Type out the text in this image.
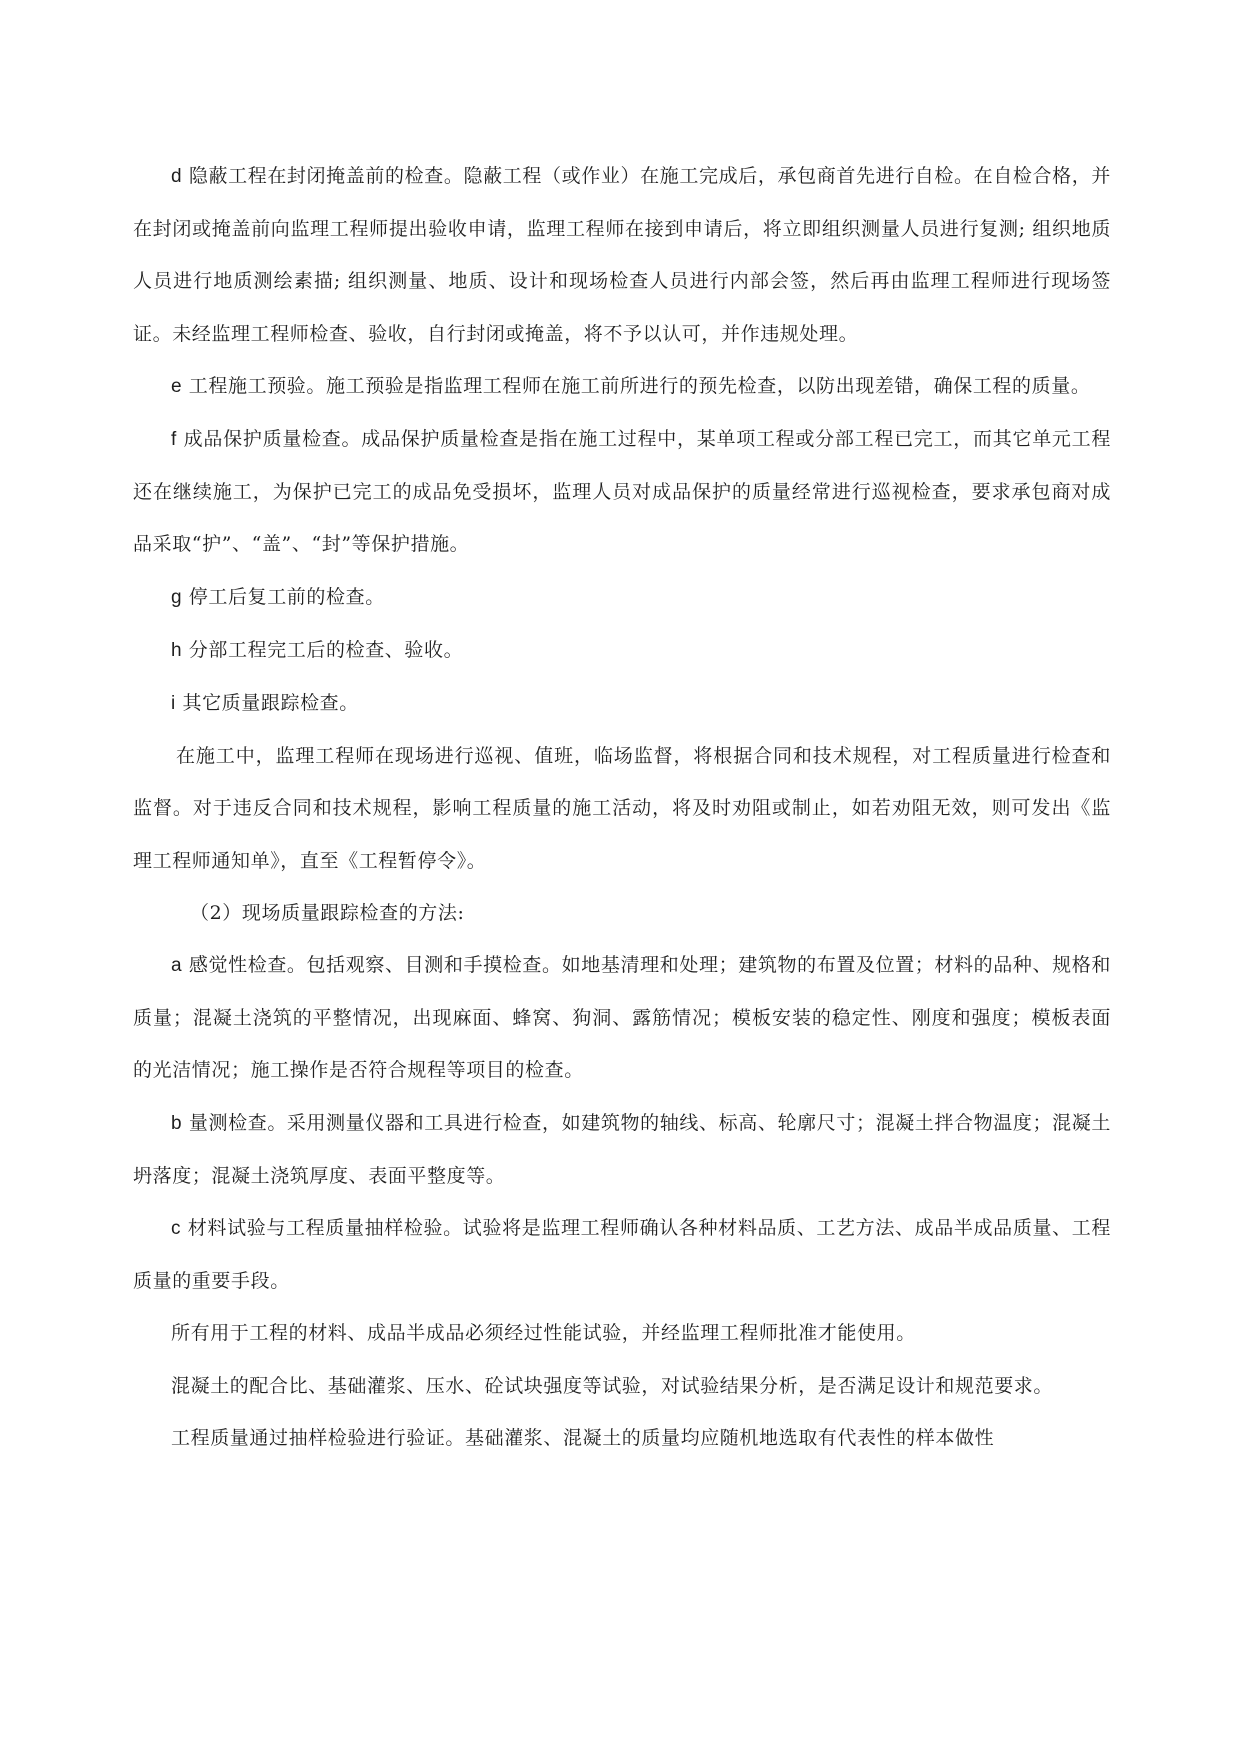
d 隐蔽工程在封闭掩盖前的检查。隐蔽工程（或作业）在施工完成后，承包商首先进行自检。在自检合格，并在封闭或掩盖前向监理工程师提出验收申请，监理工程师在接到申请后，将立即组织测量人员进行复测; 组织地质人员进行地质测绘素描; 组织测量、地质、设计和现场检查人员进行内部会签，然后再由监理工程师进行现场签证。未经监理工程师检查、验收，自行封闭或掩盖，将不予以认可，并作违规处理。

e 工程施工预验。施工预验是指监理工程师在施工前所进行的预先检查，以防出现差错，确保工程的质量。

f 成品保护质量检查。成品保护质量检查是指在施工过程中，某单项工程或分部工程已完工，而其它单元工程还在继续施工，为保护已完工的成品免受损坏，监理人员对成品保护的质量经常进行巡视检查，要求承包商对成品采取“护”、“盖”、“封”等保护措施。

g 停工后复工前的检查。

h 分部工程完工后的检查、验收。

i 其它质量跟踪检查。

在施工中，监理工程师在现场进行巡视、值班，临场监督，将根据合同和技术规程，对工程质量进行检查和监督。对于违反合同和技术规程，影响工程质量的施工活动，将及时劝阻或制止，如若劝阻无效，则可发出《监理工程师通知单》，直至《工程暂停令》。

（2）现场质量跟踪检查的方法:

a 感觉性检查。包括观察、目测和手摸检查。如地基清理和处理；建筑物的布置及位置；材料的品种、规格和质量；混凝土浇筑的平整情况，出现麻面、蜂窝、狗洞、露筋情况；模板安装的稳定性、刚度和强度；模板表面的光洁情况；施工操作是否符合规程等项目的检查。

b 量测检查。采用测量仪器和工具进行检查，如建筑物的轴线、标高、轮廓尺寸；混凝土拌合物温度；混凝土坍落度；混凝土浇筑厚度、表面平整度等。

c 材料试验与工程质量抽样检验。试验将是监理工程师确认各种材料品质、工艺方法、成品半成品质量、工程质量的重要手段。

所有用于工程的材料、成品半成品必须经过性能试验，并经监理工程师批准才能使用。

混凝土的配合比、基础灌浆、压水、砼试块强度等试验，对试验结果分析，是否满足设计和规范要求。

工程质量通过抽样检验进行验证。基础灌浆、混凝土的质量均应随机地选取有代表性的样本做性
